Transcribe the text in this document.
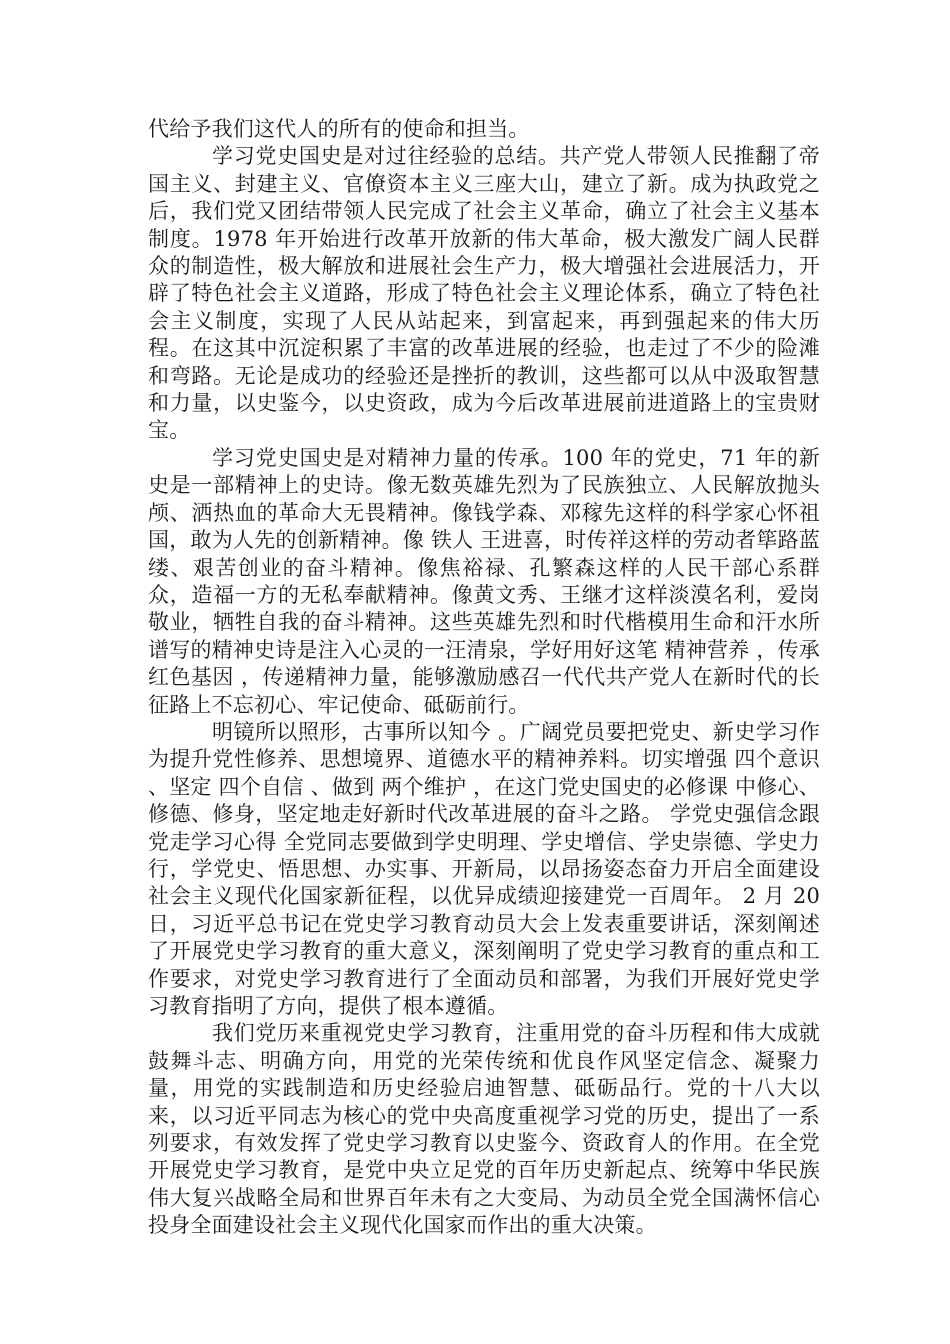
代给予我们这代人的所有的使命和担当。

学习党史国史是对过往经验的总结。共产党人带领人民推翻了帝国主义、封建主义、官僚资本主义三座大山，建立了新。成为执政党之后，我们党又团结带领人民完成了社会主义革命，确立了社会主义基本制度。1978 年开始进行改革开放新的伟大革命，极大激发广阔人民群众的制造性，极大解放和进展社会生产力，极大增强社会进展活力，开辟了特色社会主义道路，形成了特色社会主义理论体系，确立了特色社会主义制度，实现了人民从站起来，到富起来，再到强起来的伟大历程。在这其中沉淀积累了丰富的改革进展的经验，也走过了不少的险滩和弯路。无论是成功的经验还是挫折的教训，这些都可以从中汲取智慧和力量，以史鉴今，以史资政，成为今后改革进展前进道路上的宝贵财宝。

学习党史国史是对精神力量的传承。100 年的党史，71 年的新史是一部精神上的史诗。像无数英雄先烈为了民族独立、人民解放抛头颅、洒热血的革命大无畏精神。像钱学森、邓稼先这样的科学家心怀祖国，敢为人先的创新精神。像 铁人 王进喜，时传祥这样的劳动者筚路蓝缕、艰苦创业的奋斗精神。像焦裕禄、孔繁森这样的人民干部心系群众，造福一方的无私奉献精神。像黄文秀、王继才这样淡漠名利，爱岗敬业，牺牲自我的奋斗精神。这些英雄先烈和时代楷模用生命和汗水所谱写的精神史诗是注入心灵的一汪清泉，学好用好这笔 精神营养 ，传承 红色基因 ，传递精神力量，能够激励感召一代代共产党人在新时代的长征路上不忘初心、牢记使命、砥砺前行。

明镜所以照形，古事所以知今 。广阔党员要把党史、新史学习作为提升党性修养、思想境界、道德水平的精神养料。切实增强 四个意识 、坚定 四个自信 、做到 两个维护 ，在这门党史国史的必修课 中修心、修德、修身，坚定地走好新时代改革进展的奋斗之路。 学党史强信念跟党走学习心得 全党同志要做到学史明理、学史增信、学史崇德、学史力行，学党史、悟思想、办实事、开新局，以昂扬姿态奋力开启全面建设社会主义现代化国家新征程，以优异成绩迎接建党一百周年。 2 月 20 日，习近平总书记在党史学习教育动员大会上发表重要讲话，深刻阐述了开展党史学习教育的重大意义，深刻阐明了党史学习教育的重点和工作要求，对党史学习教育进行了全面动员和部署，为我们开展好党史学习教育指明了方向，提供了根本遵循。

我们党历来重视党史学习教育，注重用党的奋斗历程和伟大成就鼓舞斗志、明确方向，用党的光荣传统和优良作风坚定信念、凝聚力量，用党的实践制造和历史经验启迪智慧、砥砺品行。党的十八大以来，以习近平同志为核心的党中央高度重视学习党的历史，提出了一系列要求，有效发挥了党史学习教育以史鉴今、资政育人的作用。在全党开展党史学习教育，是党中央立足党的百年历史新起点、统筹中华民族伟大复兴战略全局和世界百年未有之大变局、为动员全党全国满怀信心投身全面建设社会主义现代化国家而作出的重大决策。
